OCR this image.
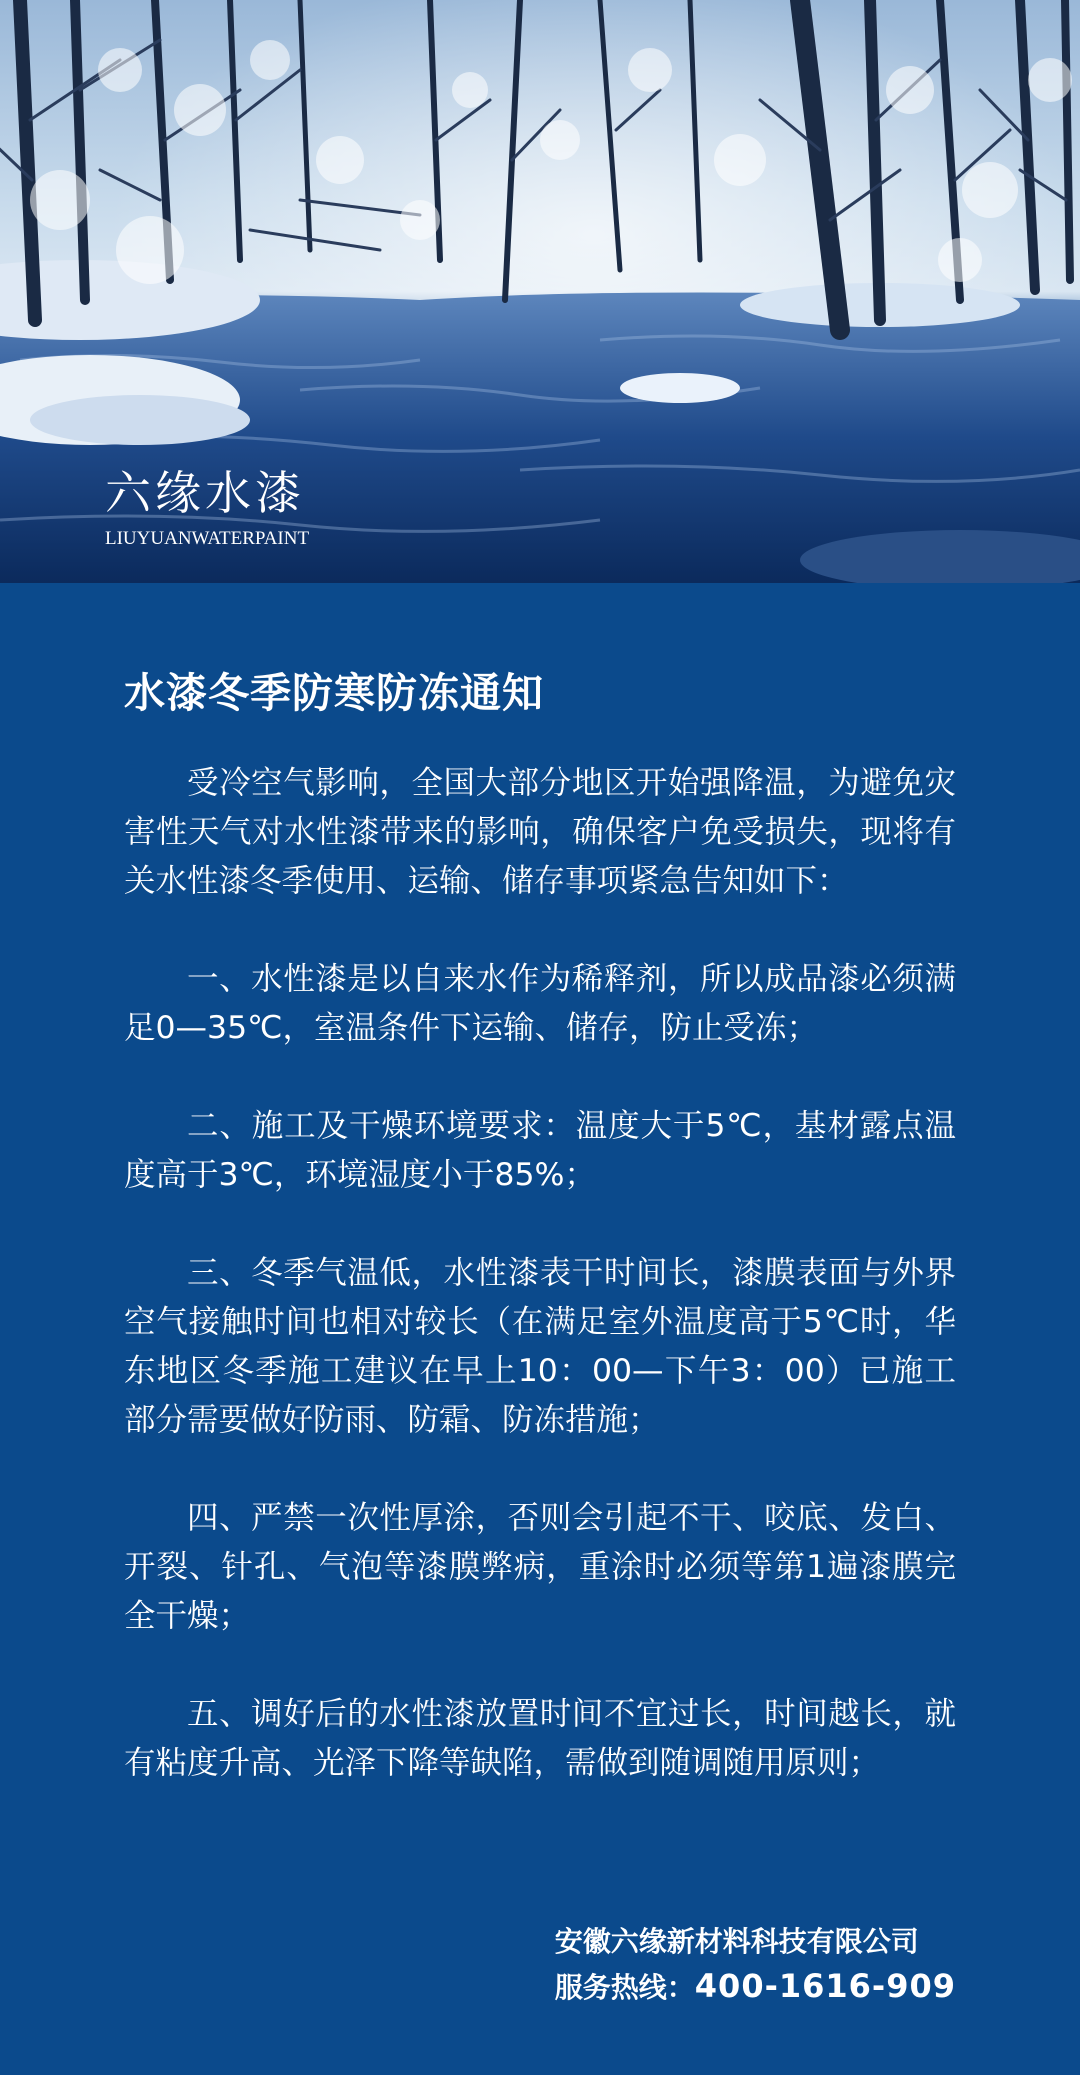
六缘水漆
LIUYUANWATERPAINT
水漆冬季防寒防冻通知

受冷空气影响，全国大部分地区开始强降温，为避免灾害性天气对水性漆带来的影响，确保客户免受损失，现将有关水性漆冬季使用、运输、储存事项紧急告知如下：

一、水性漆是以自来水作为稀释剂，所以成品漆必须满足0—35℃，室温条件下运输、储存，防止受冻；

二、施工及干燥环境要求：温度大于5℃，基材露点温度高于3℃，环境湿度小于85%；

三、冬季气温低，水性漆表干时间长，漆膜表面与外界空气接触时间也相对较长（在满足室外温度高于5℃时，华东地区冬季施工建议在早上10：00—下午3：00）已施工部分需要做好防雨、防霜、防冻措施；

四、严禁一次性厚涂，否则会引起不干、咬底、发白、开裂、针孔、气泡等漆膜弊病，重涂时必须等第1遍漆膜完全干燥；

五、调好后的水性漆放置时间不宜过长，时间越长，就有粘度升高、光泽下降等缺陷，需做到随调随用原则；

安徽六缘新材料科技有限公司
服务热线：400-1616-909
